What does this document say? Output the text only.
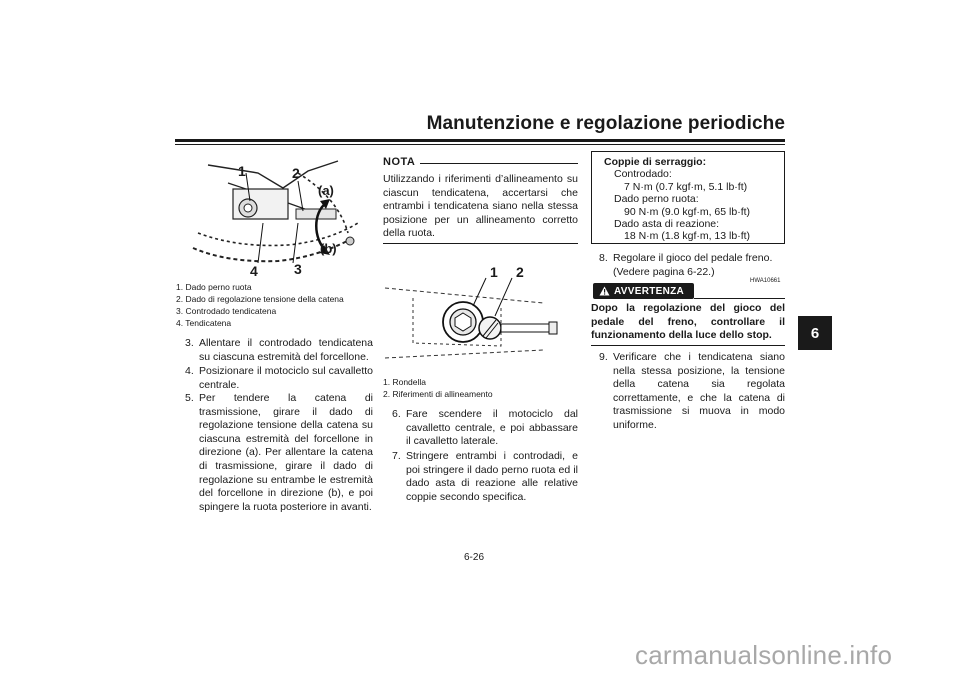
Manutenzione e regolazione periodiche
6
1	2
(a)
(b)
3
4
1. Dado perno ruota
2. Dado di regolazione tensione della catena
3. Controdado tendicatena
4. Tendicatena
3. Allentare il controdado tendicatena su ciascuna estremità del forcellone.
4. Posizionare il motociclo sul cavalletto centrale.
5. Per tendere la catena di trasmissione, girare il dado di regolazione tensione della catena su ciascuna estremità del forcellone in direzione (a). Per allentare la catena di trasmissione, girare il dado di regolazione su entrambe le estremità del forcellone in direzione (b), e poi spingere la ruota posteriore in avanti.
NOTA
Utilizzando i riferimenti d’allineamento su ciascun tendicatena, accertarsi che entrambi i tendicatena siano nella stessa posizione per un allineamento corretto della ruota.
1 2
1. Rondella
2. Riferimenti di allineamento
6. Fare scendere il motociclo dal cavalletto centrale, e poi abbassare il cavalletto laterale.
7. Stringere entrambi i controdadi, e poi stringere il dado perno ruota ed il dado asta di reazione alle relative coppie secondo specifica.
Coppie di serraggio:
Controdado:
7 N·m (0.7 kgf·m, 5.1 lb·ft)
Dado perno ruota:
90 N·m (9.0 kgf·m, 65 lb·ft)
Dado asta di reazione:
18 N·m (1.8 kgf·m, 13 lb·ft)
8. Regolare il gioco del pedale freno. (Vedere pagina 6-22.)
HWA10661
AVVERTENZA
Dopo la regolazione del gioco del pedale del freno, controllare il funzionamento della luce dello stop.
9. Verificare che i tendicatena siano nella stessa posizione, la tensione della catena sia regolata correttamente, e che la catena di trasmissione si muova in modo uniforme.
6-26
carmanualsonline.info
